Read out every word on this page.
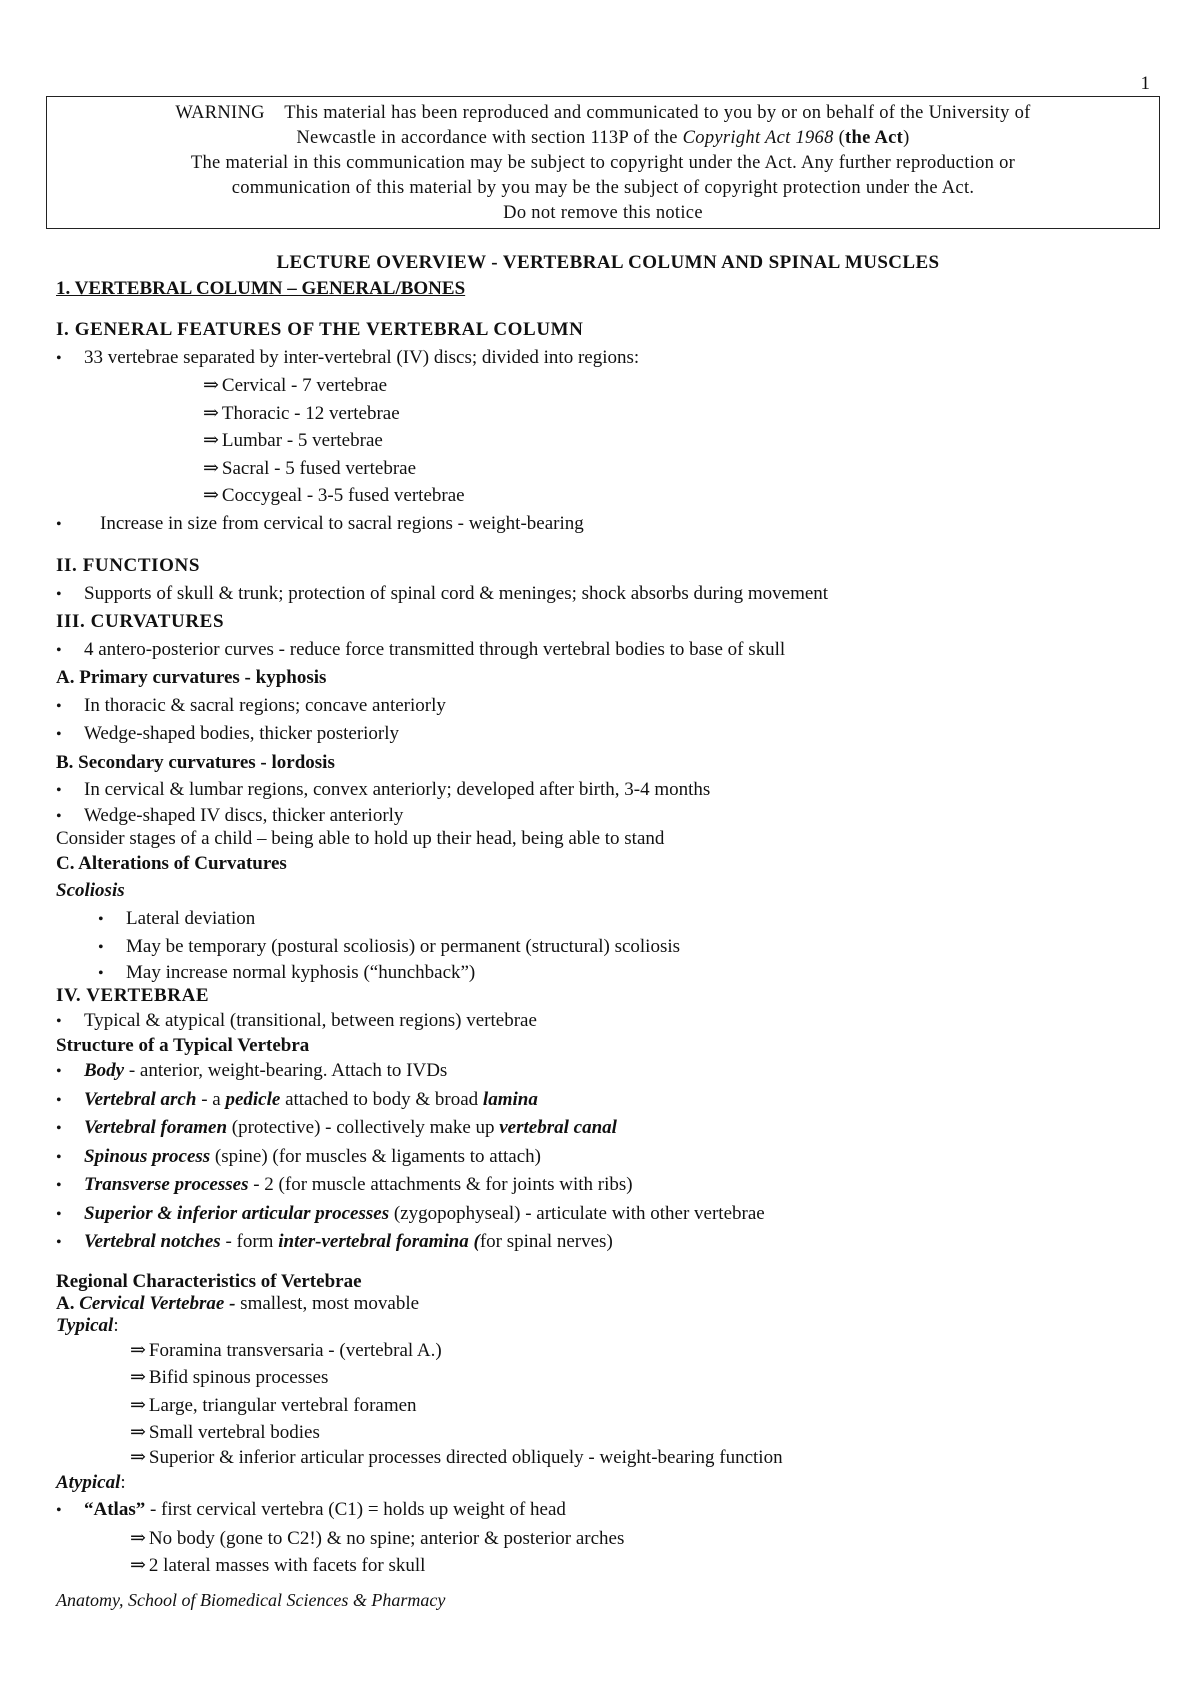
1
WARNING    This material has been reproduced and communicated to you by or on behalf of the University of
Newcastle in accordance with section 113P of the Copyright Act 1968 (the Act)
The material in this communication may be subject to copyright under the Act. Any further reproduction or
communication of this material by you may be the subject of copyright protection under the Act.
Do not remove this notice
LECTURE OVERVIEW - VERTEBRAL COLUMN AND SPINAL MUSCLES
1. VERTEBRAL COLUMN – GENERAL/BONES
I. GENERAL FEATURES OF THE VERTEBRAL COLUMN
•	33 vertebrae separated by inter-vertebral (IV) discs; divided into regions:
⇒ Cervical - 7 vertebrae
⇒ Thoracic - 12 vertebrae
⇒ Lumbar - 5 vertebrae
⇒ Sacral - 5 fused vertebrae
⇒ Coccygeal - 3-5 fused vertebrae
•	Increase in size from cervical to sacral regions - weight-bearing
II. FUNCTIONS
•	Supports of skull & trunk; protection of spinal cord & meninges; shock absorbs during movement
III. CURVATURES
•	4 antero-posterior curves - reduce force transmitted through vertebral bodies to base of skull
A. Primary curvatures - kyphosis
•	In thoracic & sacral regions; concave anteriorly
•	Wedge-shaped bodies, thicker posteriorly
B. Secondary curvatures - lordosis
•	In cervical & lumbar regions, convex anteriorly; developed after birth, 3-4 months
•	Wedge-shaped IV discs, thicker anteriorly
Consider stages of a child – being able to hold up their head, being able to stand
C. Alterations of Curvatures
Scoliosis
•	Lateral deviation
•	May be temporary (postural scoliosis) or permanent (structural) scoliosis
•	May increase normal kyphosis (“hunchback”)
IV. VERTEBRAE
•	Typical & atypical (transitional, between regions) vertebrae
Structure of a Typical Vertebra
•	Body - anterior, weight-bearing. Attach to IVDs
•	Vertebral arch - a pedicle attached to body & broad lamina
•	Vertebral foramen (protective) - collectively make up vertebral canal
•	Spinous process (spine) (for muscles & ligaments to attach)
•	Transverse processes - 2 (for muscle attachments & for joints with ribs)
•	Superior & inferior articular processes (zygopophyseal) - articulate with other vertebrae
•	Vertebral notches - form inter-vertebral foramina (for spinal nerves)
Regional Characteristics of Vertebrae
A. Cervical Vertebrae - smallest, most movable
Typical:
⇒ Foramina transversaria - (vertebral A.)
⇒ Bifid spinous processes
⇒ Large, triangular vertebral foramen
⇒ Small vertebral bodies
⇒ Superior & inferior articular processes directed obliquely - weight-bearing function
Atypical:
•	“Atlas” - first cervical vertebra (C1) = holds up weight of head
⇒ No body (gone to C2!) & no spine; anterior & posterior arches
⇒ 2 lateral masses with facets for skull
Anatomy, School of Biomedical Sciences & Pharmacy
